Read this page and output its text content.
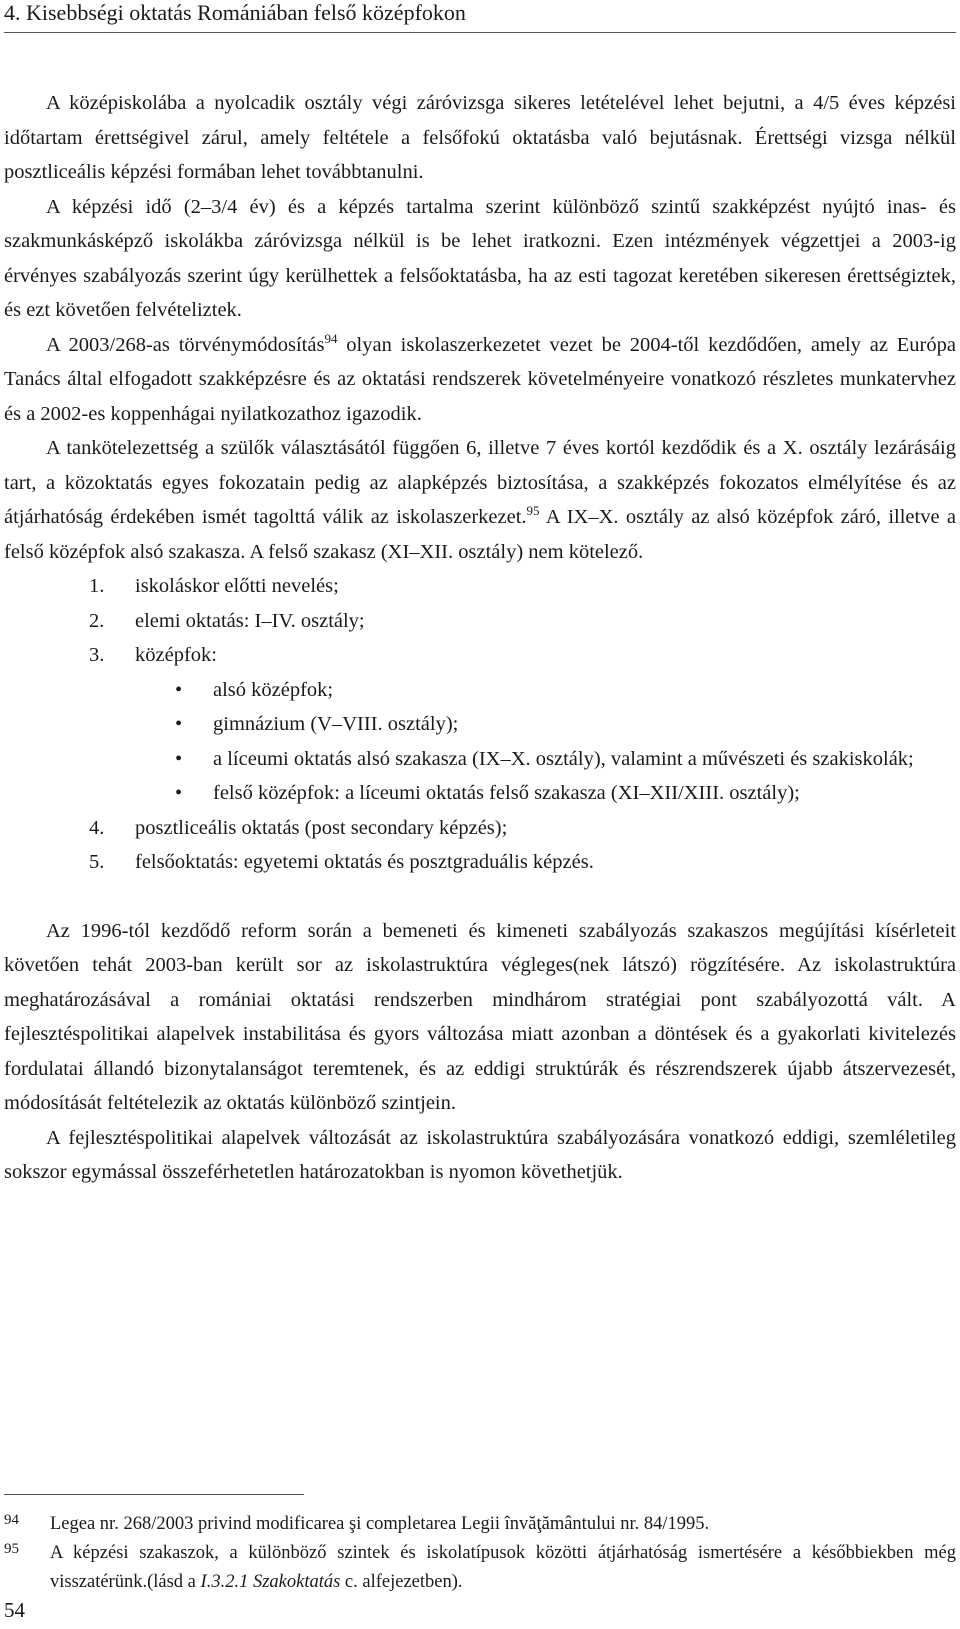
4. Kisebbségi oktatás Romániában felső középfokon

A középiskolába a nyolcadik osztály végi záróvizsga sikeres letételével lehet bejutni, a 4/5 éves képzési időtartam érettségivel zárul, amely feltétele a felsőfokú oktatásba való bejutásnak. Érettségi vizsga nélkül posztliceális képzési formában lehet továbbtanulni.

A képzési idő (2–3/4 év) és a képzés tartalma szerint különböző szintű szakképzést nyújtó inas- és szakmunkásképző iskolákba záróvizsga nélkül is be lehet iratkozni. Ezen intézmények végzettjei a 2003-ig érvényes szabályozás szerint úgy kerülhettek a felsőoktatásba, ha az esti tagozat keretében sikeresen érettségiztek, és ezt követően felvételiztek.

A 2003/268-as törvénymódosítás$^{94}$ olyan iskolaszerkezetet vezet be 2004-től kezdődően, amely az Európa Tanács által elfogadott szakképzésre és az oktatási rendszerek követelményeire vonatkozó részletes munkatervhez és a 2002-es koppenhágai nyilatkozathoz igazodik.

A tankötelezettség a szülők választásától függően 6, illetve 7 éves kortól kezdődik és a X. osztály lezárásáig tart, a közoktatás egyes fokozatain pedig az alapképzés biztosítása, a szakképzés fokozatos elmélyítése és az átjárhatóság érdekében ismét tagolttá válik az iskolaszerkezet.$^{95}$ A IX–X. osztály az alsó középfok záró, illetve a felső középfok alsó szakasza. A felső szakasz (XI–XII. osztály) nem kötelező.

1. iskoláskor előtti nevelés;
2. elemi oktatás: I–IV. osztály;
3. középfok:
• alsó középfok;
• gimnázium (V–VIII. osztály);
• a líceumi oktatás alsó szakasza (IX–X. osztály), valamint a művészeti és szakiskolák;
• felső középfok: a líceumi oktatás felső szakasza (XI–XII/XIII. osztály);
4. posztliceális oktatás (post secondary képzés);
5. felsőoktatás: egyetemi oktatás és posztgraduális képzés.

Az 1996-tól kezdődő reform során a bemeneti és kimeneti szabályozás szakaszos megújítási kísérleteit követően tehát 2003-ban került sor az iskolastruktúra végleges(nek látszó) rögzítésére. Az iskolastruktúra meghatározásával a romániai oktatási rendszerben mindhárom stratégiai pont szabályozottá vált. A fejlesztéspolitikai alapelvek instabilitása és gyors változása miatt azonban a döntések és a gyakorlati kivitelezés fordulatai állandó bizonytalanságot teremtenek, és az eddigi struktúrák és részrendszerek újabb átszervezesét, módosítását feltételezik az oktatás különböző szintjein.

A fejlesztéspolitikai alapelvek változását az iskolastruktúra szabályozására vonatkozó eddigi, szemléletileg sokszor egymással összeférhetetlen határozatokban is nyomon követhetjük.

94 Legea nr. 268/2003 privind modificarea şi completarea Legii învăţământului nr. 84/1995.
95 A képzési szakaszok, a különböző szintek és iskolatípusok közötti átjárhatóság ismertésére a későbbiekben még visszatérünk.(lásd a I.3.2.1 Szakoktatás c. alfejezetben).
54
